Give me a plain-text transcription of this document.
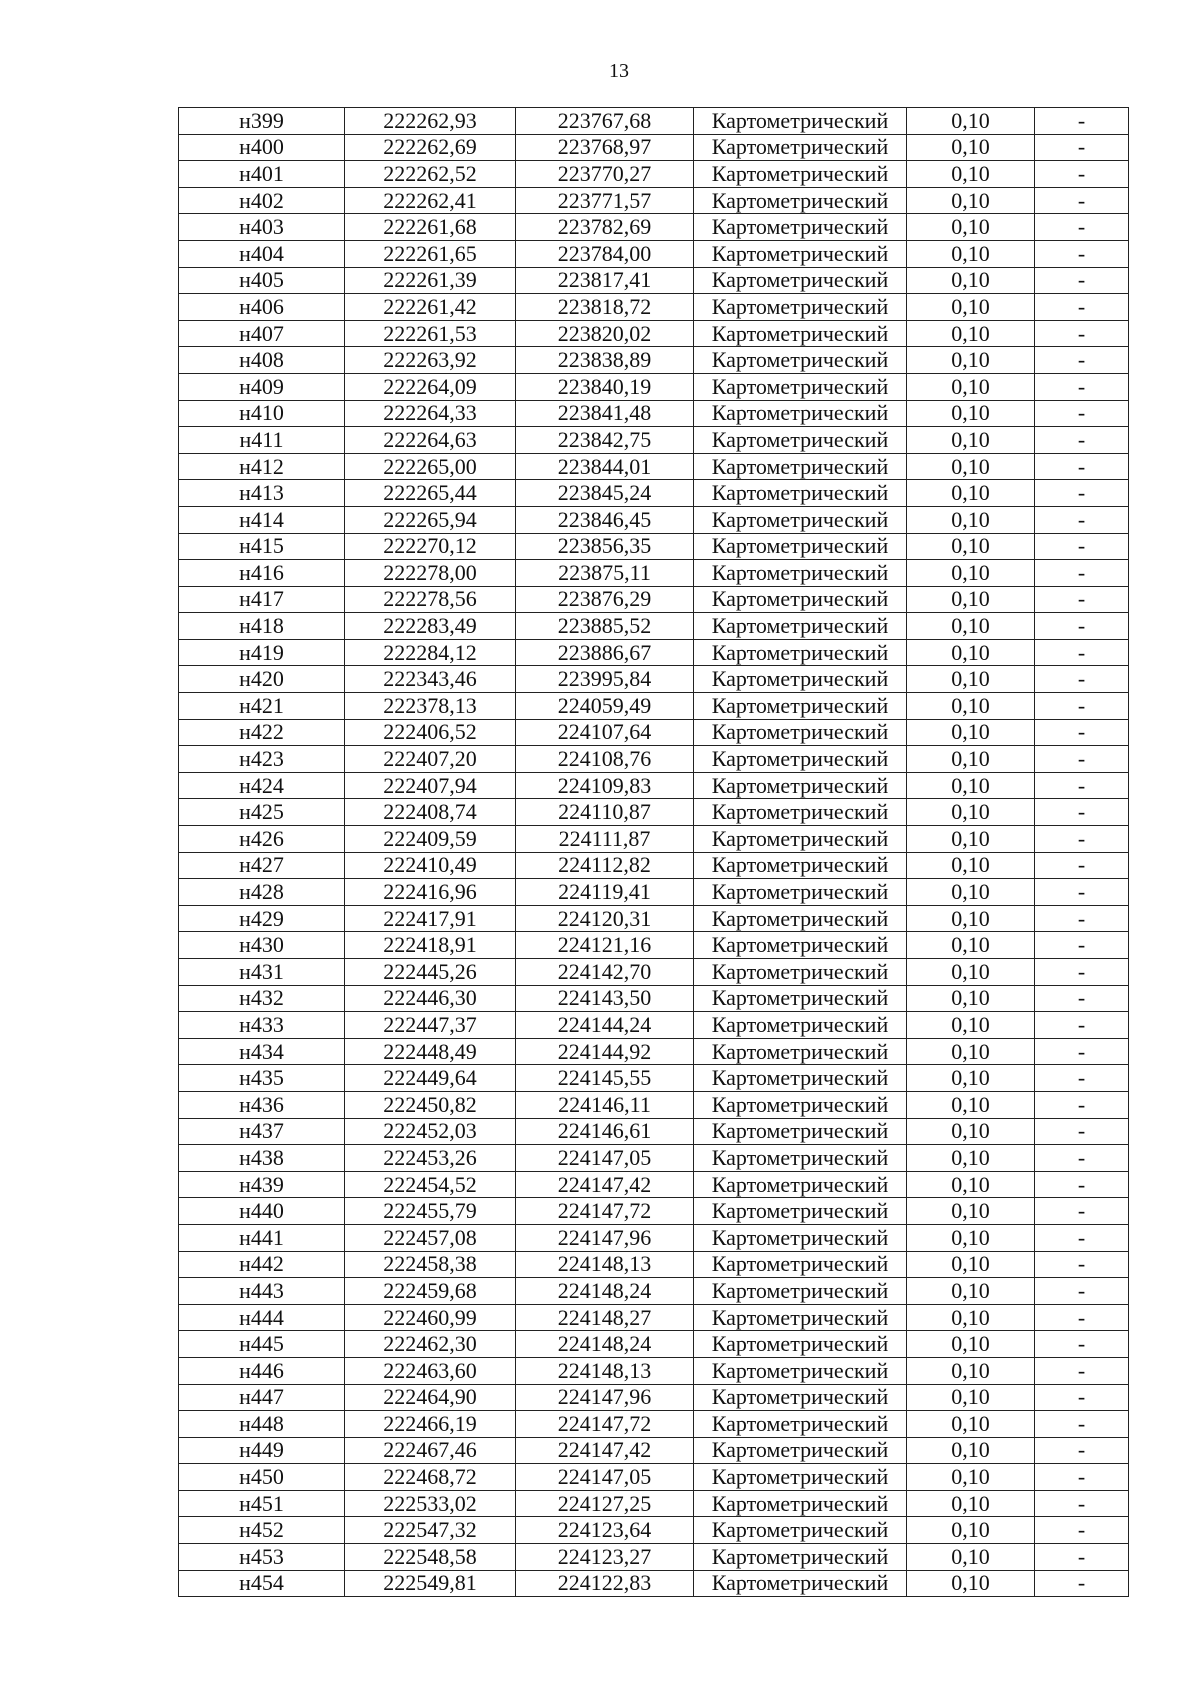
13
н399	222262,93	223767,68	Картометрический	0,10	-
н400	222262,69	223768,97	Картометрический	0,10	-
н401	222262,52	223770,27	Картометрический	0,10	-
н402	222262,41	223771,57	Картометрический	0,10	-
н403	222261,68	223782,69	Картометрический	0,10	-
н404	222261,65	223784,00	Картометрический	0,10	-
н405	222261,39	223817,41	Картометрический	0,10	-
н406	222261,42	223818,72	Картометрический	0,10	-
н407	222261,53	223820,02	Картометрический	0,10	-
н408	222263,92	223838,89	Картометрический	0,10	-
н409	222264,09	223840,19	Картометрический	0,10	-
н410	222264,33	223841,48	Картометрический	0,10	-
н411	222264,63	223842,75	Картометрический	0,10	-
н412	222265,00	223844,01	Картометрический	0,10	-
н413	222265,44	223845,24	Картометрический	0,10	-
н414	222265,94	223846,45	Картометрический	0,10	-
н415	222270,12	223856,35	Картометрический	0,10	-
н416	222278,00	223875,11	Картометрический	0,10	-
н417	222278,56	223876,29	Картометрический	0,10	-
н418	222283,49	223885,52	Картометрический	0,10	-
н419	222284,12	223886,67	Картометрический	0,10	-
н420	222343,46	223995,84	Картометрический	0,10	-
н421	222378,13	224059,49	Картометрический	0,10	-
н422	222406,52	224107,64	Картометрический	0,10	-
н423	222407,20	224108,76	Картометрический	0,10	-
н424	222407,94	224109,83	Картометрический	0,10	-
н425	222408,74	224110,87	Картометрический	0,10	-
н426	222409,59	224111,87	Картометрический	0,10	-
н427	222410,49	224112,82	Картометрический	0,10	-
н428	222416,96	224119,41	Картометрический	0,10	-
н429	222417,91	224120,31	Картометрический	0,10	-
н430	222418,91	224121,16	Картометрический	0,10	-
н431	222445,26	224142,70	Картометрический	0,10	-
н432	222446,30	224143,50	Картометрический	0,10	-
н433	222447,37	224144,24	Картометрический	0,10	-
н434	222448,49	224144,92	Картометрический	0,10	-
н435	222449,64	224145,55	Картометрический	0,10	-
н436	222450,82	224146,11	Картометрический	0,10	-
н437	222452,03	224146,61	Картометрический	0,10	-
н438	222453,26	224147,05	Картометрический	0,10	-
н439	222454,52	224147,42	Картометрический	0,10	-
н440	222455,79	224147,72	Картометрический	0,10	-
н441	222457,08	224147,96	Картометрический	0,10	-
н442	222458,38	224148,13	Картометрический	0,10	-
н443	222459,68	224148,24	Картометрический	0,10	-
н444	222460,99	224148,27	Картометрический	0,10	-
н445	222462,30	224148,24	Картометрический	0,10	-
н446	222463,60	224148,13	Картометрический	0,10	-
н447	222464,90	224147,96	Картометрический	0,10	-
н448	222466,19	224147,72	Картометрический	0,10	-
н449	222467,46	224147,42	Картометрический	0,10	-
н450	222468,72	224147,05	Картометрический	0,10	-
н451	222533,02	224127,25	Картометрический	0,10	-
н452	222547,32	224123,64	Картометрический	0,10	-
н453	222548,58	224123,27	Картометрический	0,10	-
н454	222549,81	224122,83	Картометрический	0,10	-
